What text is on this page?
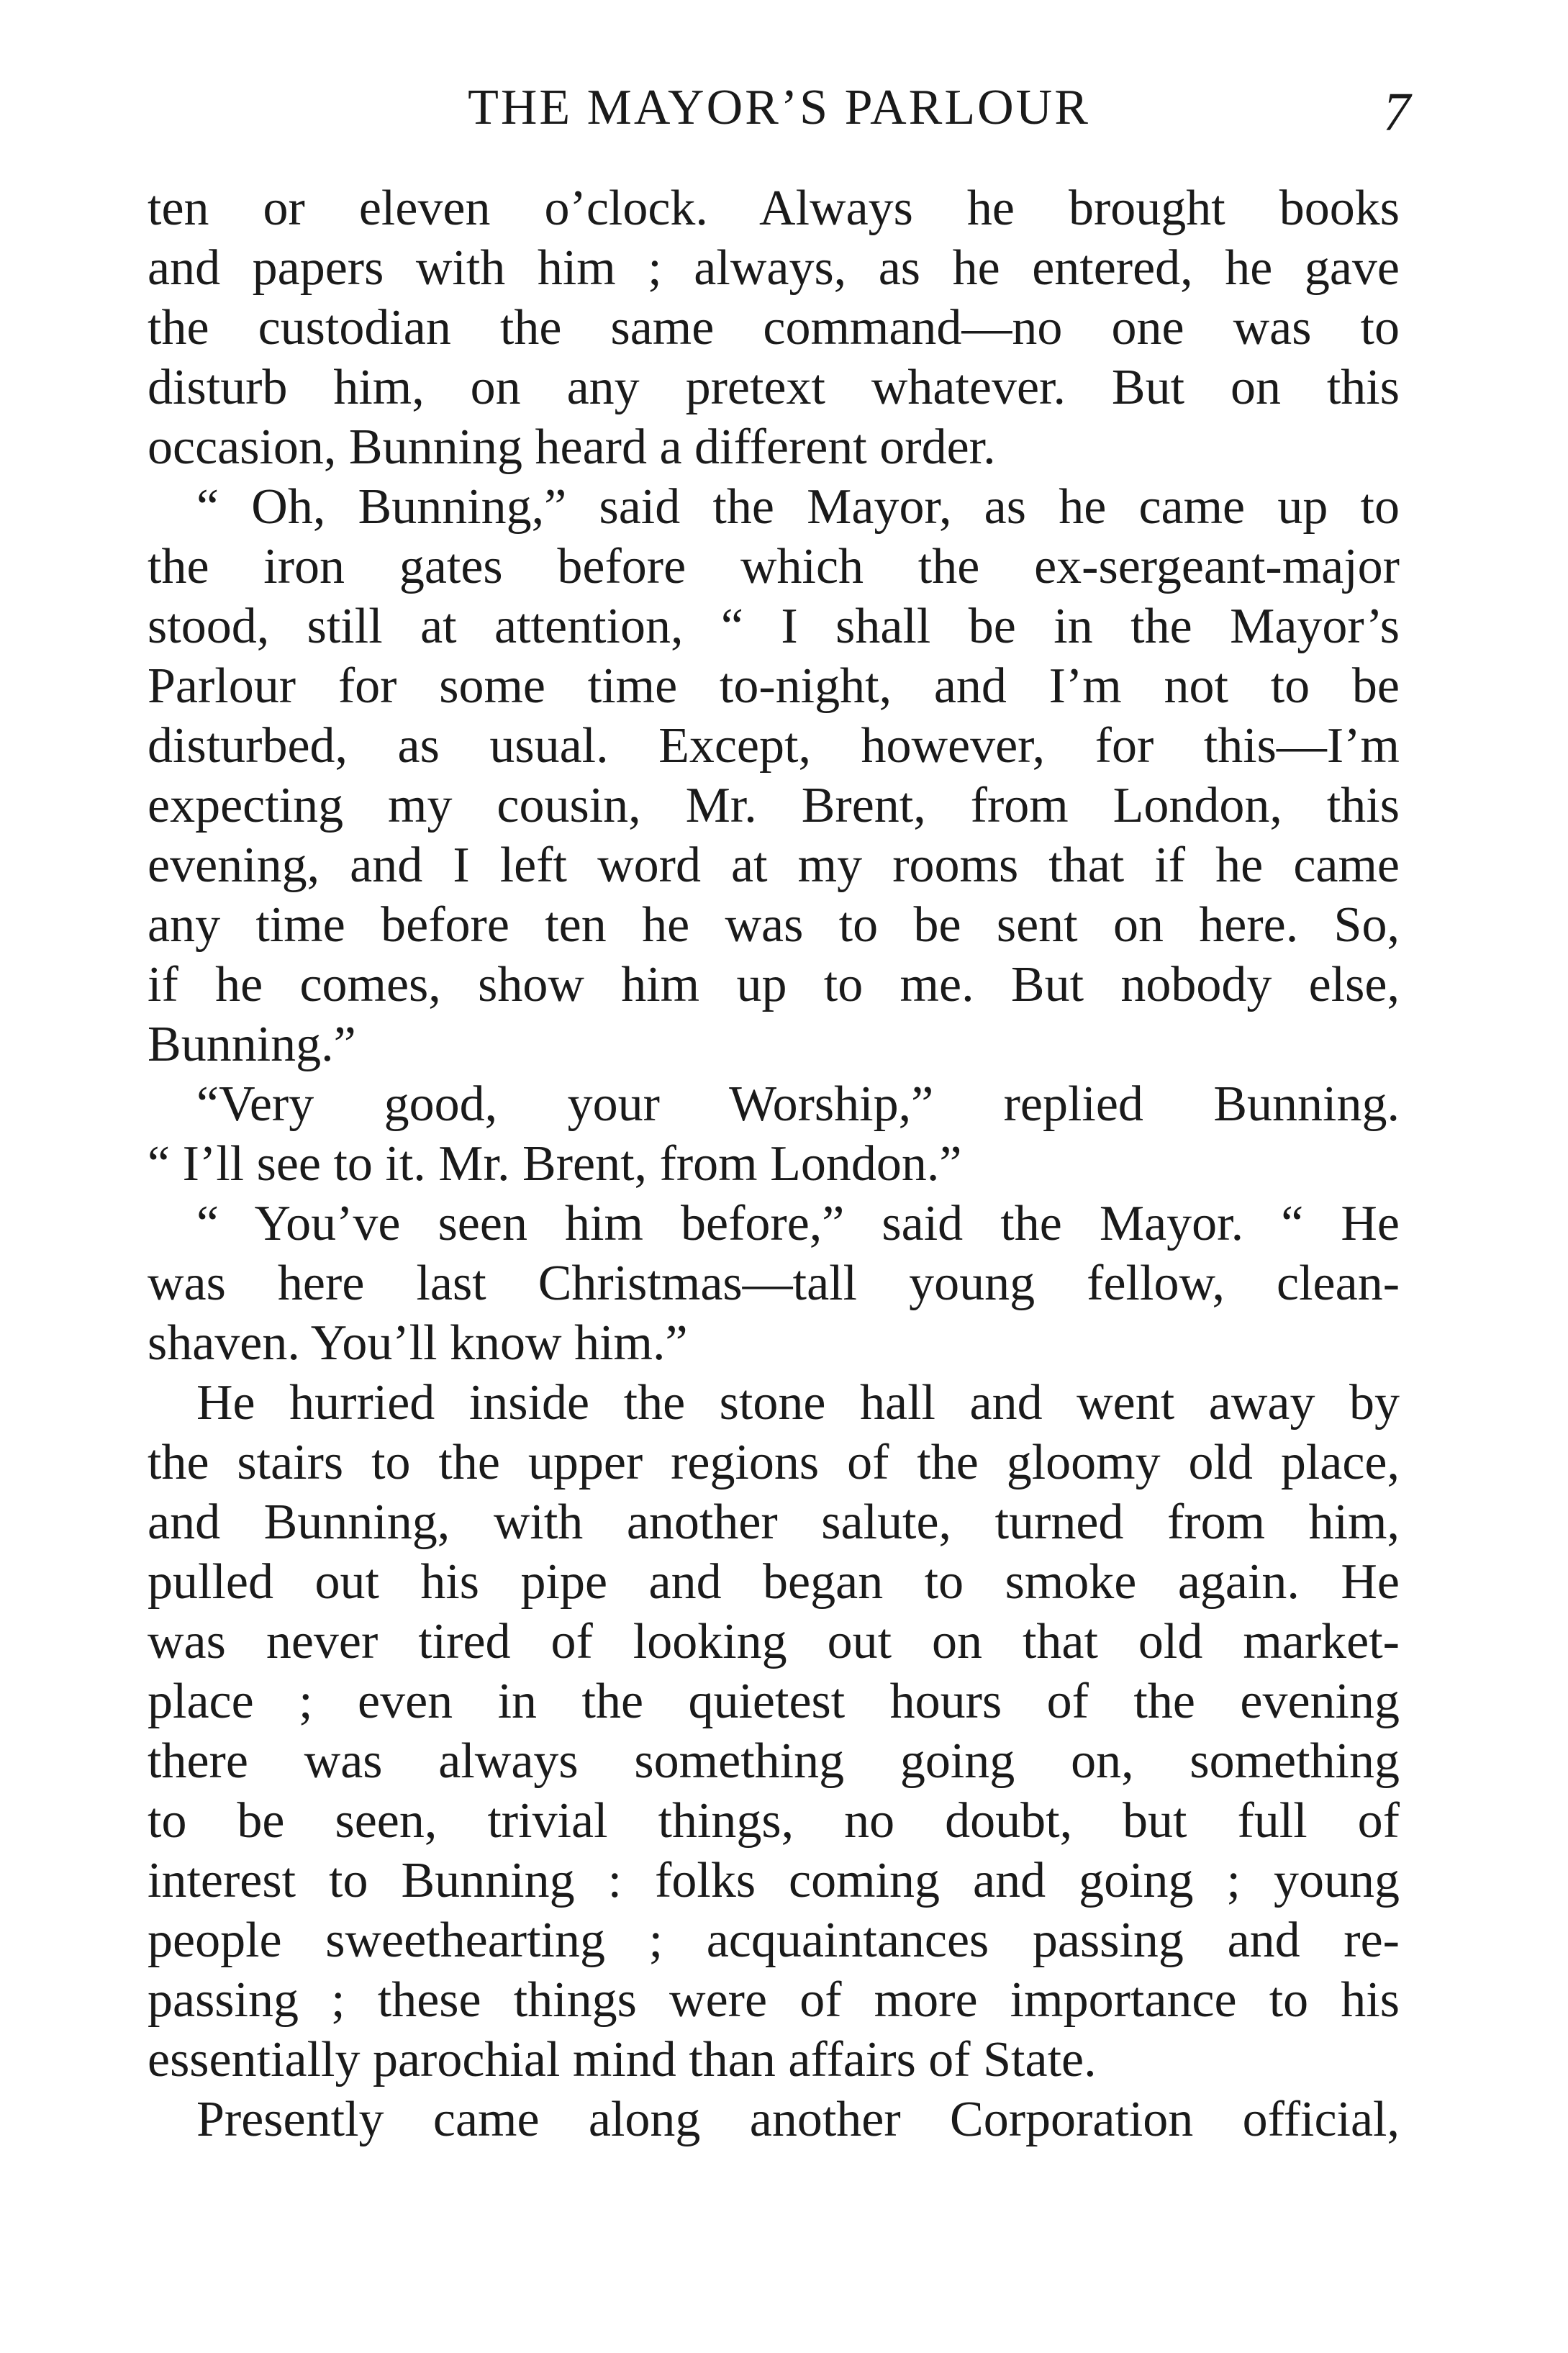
THE MAYOR’S PARLOUR	7
ten or eleven o’clock. Always he brought books
and papers with him ; always, as he entered, he gave
the custodian the same command—no one was to
disturb him, on any pretext whatever. But on this
occasion, Bunning heard a different order.
“ Oh, Bunning,” said the Mayor, as he came up to
the iron gates before which the ex-sergeant-major
stood, still at attention, “ I shall be in the Mayor’s
Parlour for some time to-night, and I’m not to be
disturbed, as usual. Except, however, for this—I’m
expecting my cousin, Mr. Brent, from London, this
evening, and I left word at my rooms that if he came
any time before ten he was to be sent on here. So,
if he comes, show him up to me. But nobody else,
Bunning.”
“Very good, your Worship,” replied Bunning.
“ I’ll see to it. Mr. Brent, from London.”
“ You’ve seen him before,” said the Mayor. “ He
was here last Christmas—tall young fellow, clean-
shaven. You’ll know him.”
He hurried inside the stone hall and went away by
the stairs to the upper regions of the gloomy old place,
and Bunning, with another salute, turned from him,
pulled out his pipe and began to smoke again. He
was never tired of looking out on that old market-
place ; even in the quietest hours of the evening
there was always something going on, something
to be seen, trivial things, no doubt, but full of
interest to Bunning : folks coming and going ; young
people sweethearting ; acquaintances passing and re-
passing ; these things were of more importance to his
essentially parochial mind than affairs of State.
Presently came along another Corporation official,
